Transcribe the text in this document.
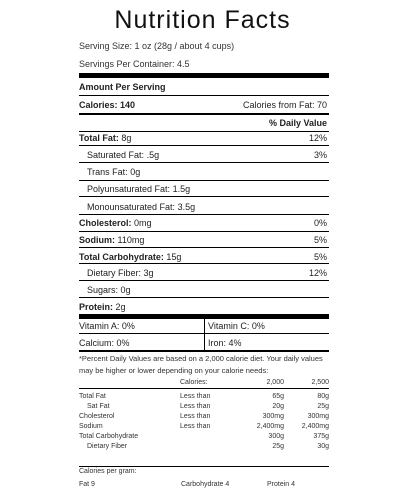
Nutrition Facts
Serving Size: 1 oz (28g / about 4 cups)
Servings Per Container: 4.5
Amount Per Serving
Calories: 140	Calories from Fat: 70
% Daily Value
Total Fat: 8g	12%
Saturated Fat: .5g	3%
Trans Fat: 0g
Polyunsaturated Fat: 1.5g
Monounsaturated Fat: 3.5g
Cholesterol: 0mg	0%
Sodium: 110mg	5%
Total Carbohydrate: 15g	5%
Dietary Fiber: 3g	12%
Sugars: 0g
Protein: 2g
Vitamin A: 0%	Vitamin C: 0%
Calcium: 0%	Iron: 4%
*Percent Daily Values are based on a 2,000 calorie diet. Your daily values may be higher or lower depending on your calorie needs:
	Calories:	2,000	2,500

Total Fat	Less than	65g	80g
Sat Fat	Less than	20g	25g
Cholesterol	Less than	300mg	300mg
Sodium	Less than	2,400mg	2,400mg
Total Carbohydrate		300g	375g
Dietary Fiber		25g	30g
Calories per gram:
Fat 9	Carbohydrate 4	Protein 4
